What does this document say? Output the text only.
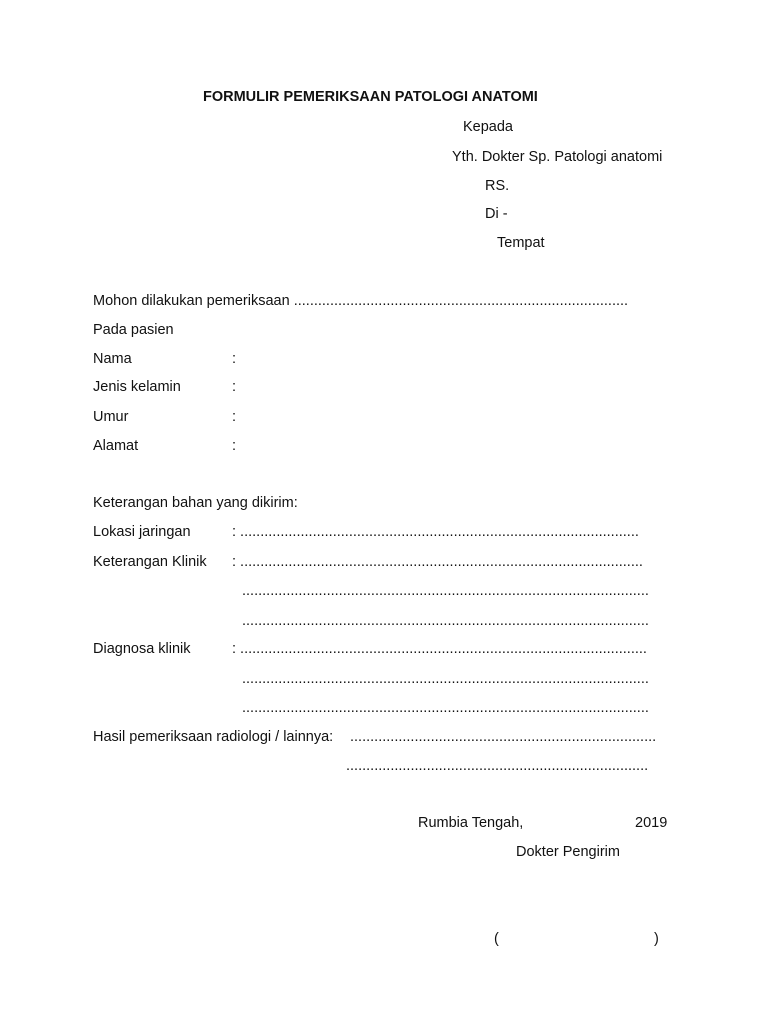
FORMULIR PEMERIKSAAN PATOLOGI ANATOMI
Kepada
Yth. Dokter Sp. Patologi anatomi
RS.
Di -
Tempat
Mohon dilakukan pemeriksaan ...................................................................................
Pada pasien
Nama	:
Jenis kelamin	:
Umur	:
Alamat	:
Keterangan bahan yang dikirim:
Lokasi jaringan	: ...................................................................................................
Keterangan Klinik : ....................................................................................................
.....................................................................................................
.....................................................................................................
Diagnosa klinik	: .....................................................................................................
.....................................................................................................
.....................................................................................................
Hasil pemeriksaan radiologi / lainnya: ............................................................................
...........................................................................
Rumbia Tengah,	2019
Dokter Pengirim
(	)
